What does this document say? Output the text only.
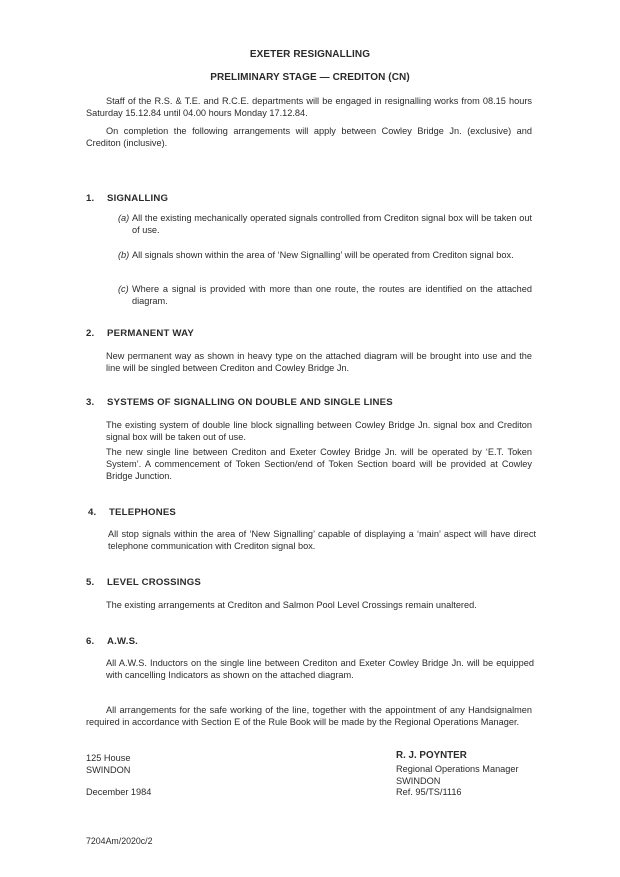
EXETER RESIGNALLING
PRELIMINARY STAGE — CREDITON (CN)
Staff of the R.S. & T.E. and R.C.E. departments will be engaged in resignalling works from 08.15 hours Saturday 15.12.84 until 04.00 hours Monday 17.12.84.
On completion the following arrangements will apply between Cowley Bridge Jn. (exclusive) and Crediton (inclusive).
1. SIGNALLING
(a) All the existing mechanically operated signals controlled from Crediton signal box will be taken out of use.
(b) All signals shown within the area of ‘New Signalling’ will be operated from Crediton signal box.
(c) Where a signal is provided with more than one route, the routes are identified on the attached diagram.
2. PERMANENT WAY
New permanent way as shown in heavy type on the attached diagram will be brought into use and the line will be singled between Crediton and Cowley Bridge Jn.
3. SYSTEMS OF SIGNALLING ON DOUBLE AND SINGLE LINES
The existing system of double line block signalling between Cowley Bridge Jn. signal box and Crediton signal box will be taken out of use.
The new single line between Crediton and Exeter Cowley Bridge Jn. will be operated by ‘E.T. Token System’. A commencement of Token Section/end of Token Section board will be provided at Cowley Bridge Junction.
4. TELEPHONES
All stop signals within the area of ‘New Signalling’ capable of displaying a ‘main’ aspect will have direct telephone communication with Crediton signal box.
5. LEVEL CROSSINGS
The existing arrangements at Crediton and Salmon Pool Level Crossings remain unaltered.
6. A.W.S.
All A.W.S. Inductors on the single line between Crediton and Exeter Cowley Bridge Jn. will be equipped with cancelling Indicators as shown on the attached diagram.
All arrangements for the safe working of the line, together with the appointment of any Handsignalmen required in accordance with Section E of the Rule Book will be made by the Regional Operations Manager.
125 House
SWINDON
December 1984
R. J. POYNTER
Regional Operations Manager
SWINDON
Ref. 95/TS/1116
7204Am/2020c/2
